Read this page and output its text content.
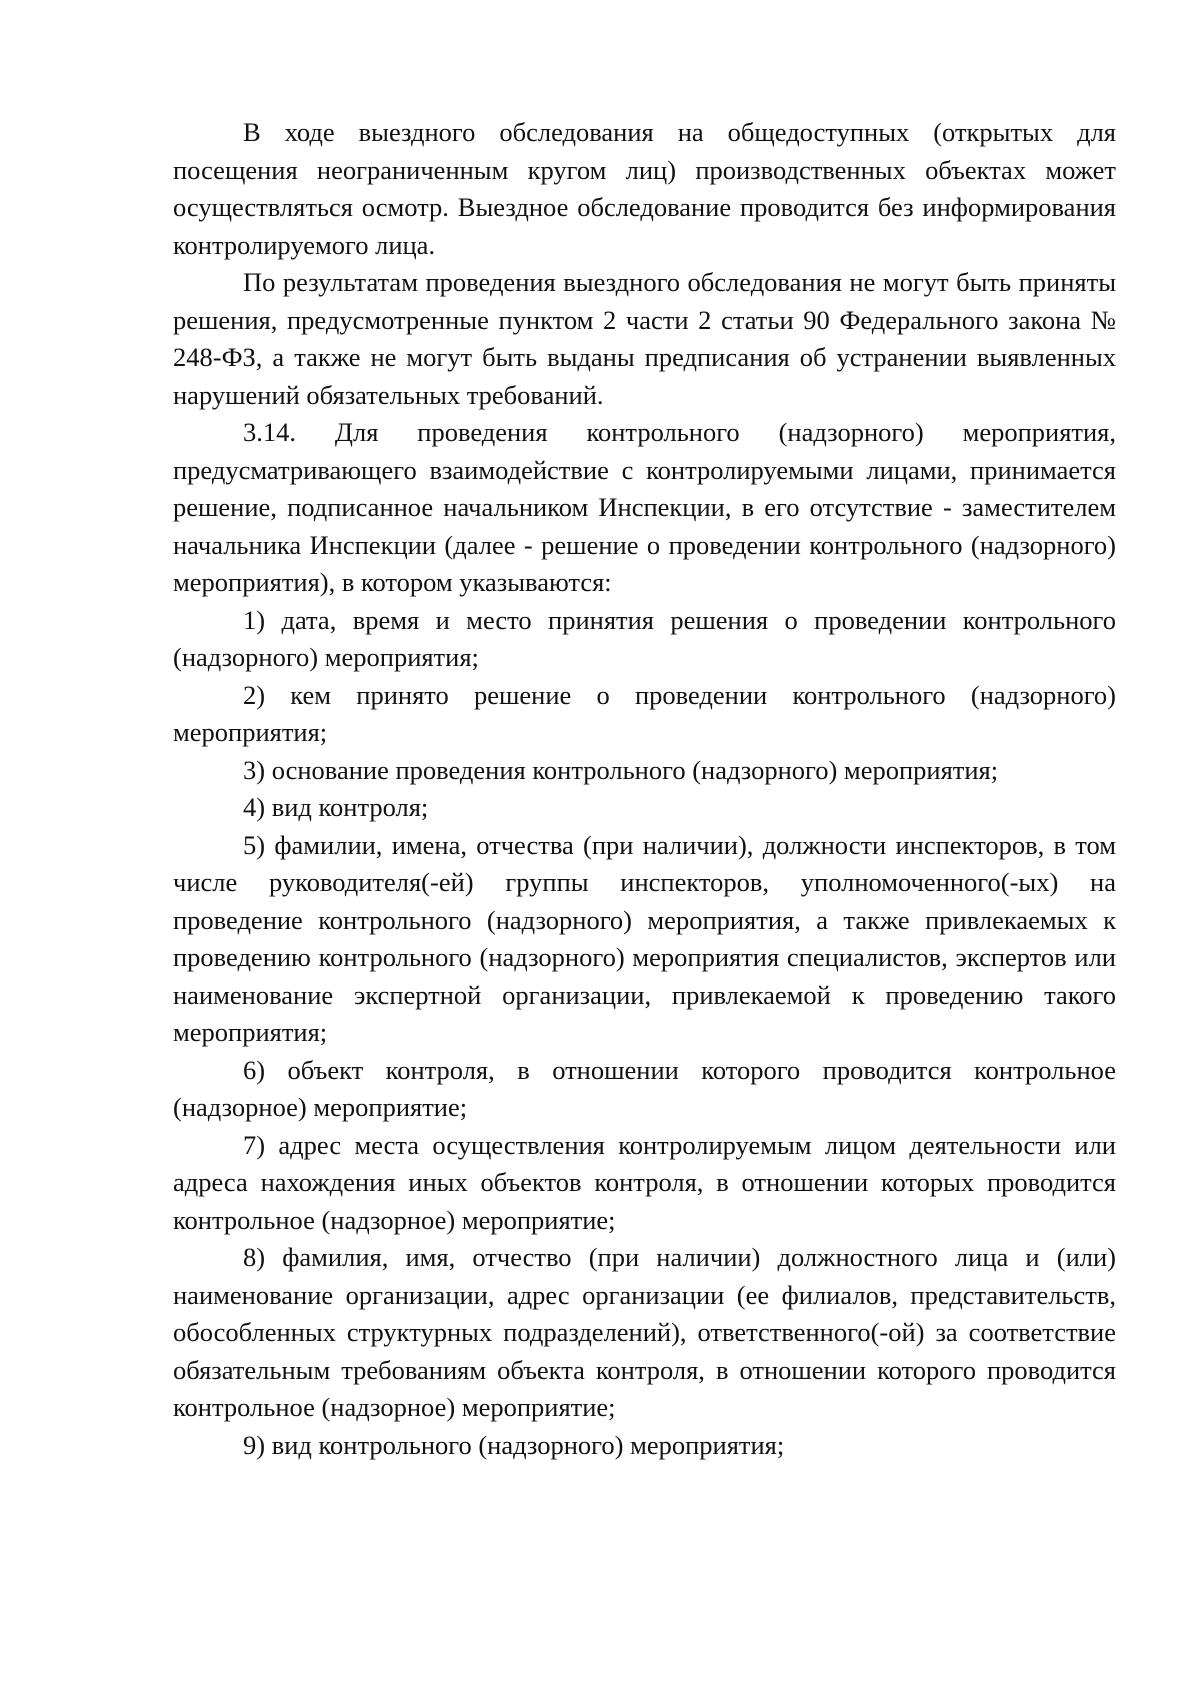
В ходе выездного обследования на общедоступных (открытых для посещения неограниченным кругом лиц) производственных объектах может осуществляться осмотр. Выездное обследование проводится без информирования контролируемого лица.

По результатам проведения выездного обследования не могут быть приняты решения, предусмотренные пунктом 2 части 2 статьи 90 Федерального закона № 248-ФЗ, а также не могут быть выданы предписания об устранении выявленных нарушений обязательных требований.

3.14. Для проведения контрольного (надзорного) мероприятия, предусматривающего взаимодействие с контролируемыми лицами, принимается решение, подписанное начальником Инспекции, в его отсутствие - заместителем начальника Инспекции (далее - решение о проведении контрольного (надзорного) мероприятия), в котором указываются:

1) дата, время и место принятия решения о проведении контрольного (надзорного) мероприятия;

2) кем принято решение о проведении контрольного (надзорного) мероприятия;

3) основание проведения контрольного (надзорного) мероприятия;

4) вид контроля;

5) фамилии, имена, отчества (при наличии), должности инспекторов, в том числе руководителя(-ей) группы инспекторов, уполномоченного(-ых) на проведение контрольного (надзорного) мероприятия, а также привлекаемых к проведению контрольного (надзорного) мероприятия специалистов, экспертов или наименование экспертной организации, привлекаемой к проведению такого мероприятия;

6) объект контроля, в отношении которого проводится контрольное (надзорное) мероприятие;

7) адрес места осуществления контролируемым лицом деятельности или адреса нахождения иных объектов контроля, в отношении которых проводится контрольное (надзорное) мероприятие;

8) фамилия, имя, отчество (при наличии) должностного лица и (или) наименование организации, адрес организации (ее филиалов, представительств, обособленных структурных подразделений), ответственного(-ой) за соответствие обязательным требованиям объекта контроля, в отношении которого проводится контрольное (надзорное) мероприятие;

9) вид контрольного (надзорного) мероприятия;
